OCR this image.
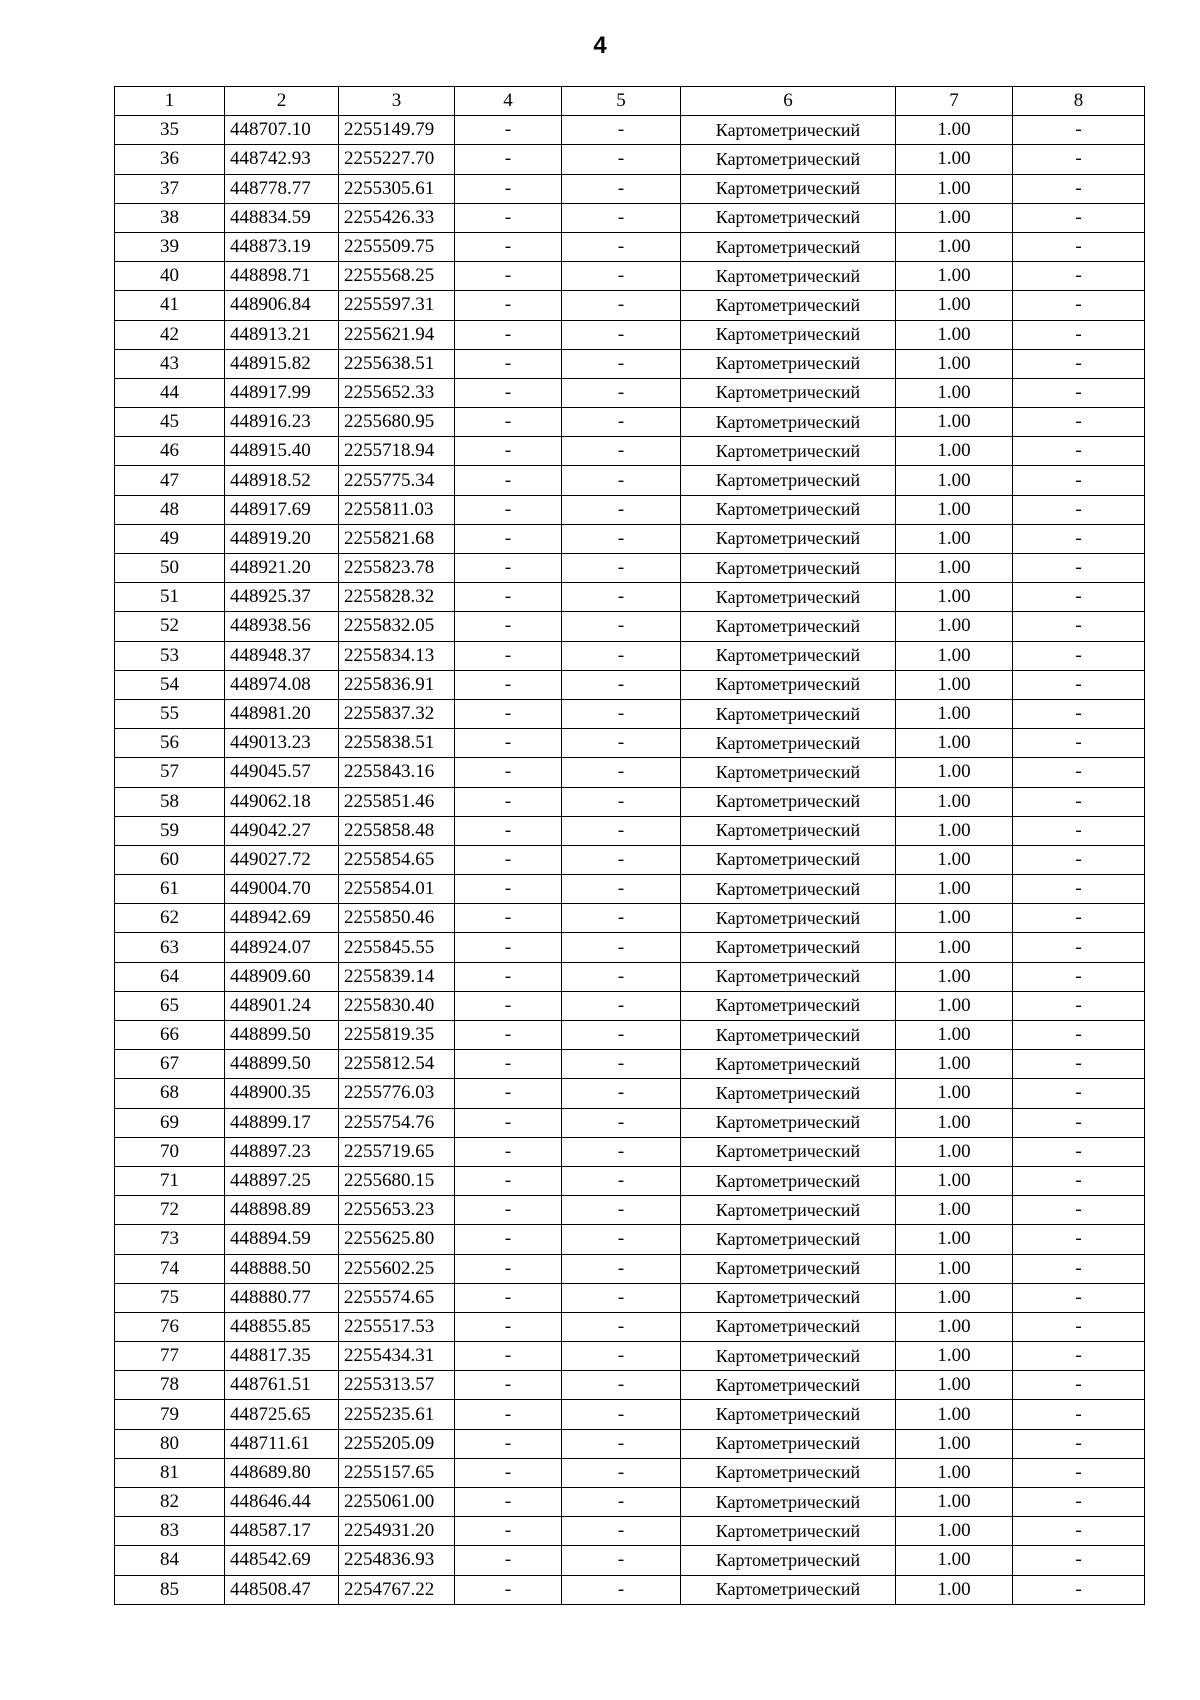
4
1	2	3	4	5	6	7	8
35	448707.10	2255149.79	-	-	Картометрический	1.00	-
36	448742.93	2255227.70	-	-	Картометрический	1.00	-
37	448778.77	2255305.61	-	-	Картометрический	1.00	-
38	448834.59	2255426.33	-	-	Картометрический	1.00	-
39	448873.19	2255509.75	-	-	Картометрический	1.00	-
40	448898.71	2255568.25	-	-	Картометрический	1.00	-
41	448906.84	2255597.31	-	-	Картометрический	1.00	-
42	448913.21	2255621.94	-	-	Картометрический	1.00	-
43	448915.82	2255638.51	-	-	Картометрический	1.00	-
44	448917.99	2255652.33	-	-	Картометрический	1.00	-
45	448916.23	2255680.95	-	-	Картометрический	1.00	-
46	448915.40	2255718.94	-	-	Картометрический	1.00	-
47	448918.52	2255775.34	-	-	Картометрический	1.00	-
48	448917.69	2255811.03	-	-	Картометрический	1.00	-
49	448919.20	2255821.68	-	-	Картометрический	1.00	-
50	448921.20	2255823.78	-	-	Картометрический	1.00	-
51	448925.37	2255828.32	-	-	Картометрический	1.00	-
52	448938.56	2255832.05	-	-	Картометрический	1.00	-
53	448948.37	2255834.13	-	-	Картометрический	1.00	-
54	448974.08	2255836.91	-	-	Картометрический	1.00	-
55	448981.20	2255837.32	-	-	Картометрический	1.00	-
56	449013.23	2255838.51	-	-	Картометрический	1.00	-
57	449045.57	2255843.16	-	-	Картометрический	1.00	-
58	449062.18	2255851.46	-	-	Картометрический	1.00	-
59	449042.27	2255858.48	-	-	Картометрический	1.00	-
60	449027.72	2255854.65	-	-	Картометрический	1.00	-
61	449004.70	2255854.01	-	-	Картометрический	1.00	-
62	448942.69	2255850.46	-	-	Картометрический	1.00	-
63	448924.07	2255845.55	-	-	Картометрический	1.00	-
64	448909.60	2255839.14	-	-	Картометрический	1.00	-
65	448901.24	2255830.40	-	-	Картометрический	1.00	-
66	448899.50	2255819.35	-	-	Картометрический	1.00	-
67	448899.50	2255812.54	-	-	Картометрический	1.00	-
68	448900.35	2255776.03	-	-	Картометрический	1.00	-
69	448899.17	2255754.76	-	-	Картометрический	1.00	-
70	448897.23	2255719.65	-	-	Картометрический	1.00	-
71	448897.25	2255680.15	-	-	Картометрический	1.00	-
72	448898.89	2255653.23	-	-	Картометрический	1.00	-
73	448894.59	2255625.80	-	-	Картометрический	1.00	-
74	448888.50	2255602.25	-	-	Картометрический	1.00	-
75	448880.77	2255574.65	-	-	Картометрический	1.00	-
76	448855.85	2255517.53	-	-	Картометрический	1.00	-
77	448817.35	2255434.31	-	-	Картометрический	1.00	-
78	448761.51	2255313.57	-	-	Картометрический	1.00	-
79	448725.65	2255235.61	-	-	Картометрический	1.00	-
80	448711.61	2255205.09	-	-	Картометрический	1.00	-
81	448689.80	2255157.65	-	-	Картометрический	1.00	-
82	448646.44	2255061.00	-	-	Картометрический	1.00	-
83	448587.17	2254931.20	-	-	Картометрический	1.00	-
84	448542.69	2254836.93	-	-	Картометрический	1.00	-
85	448508.47	2254767.22	-	-	Картометрический	1.00	-
